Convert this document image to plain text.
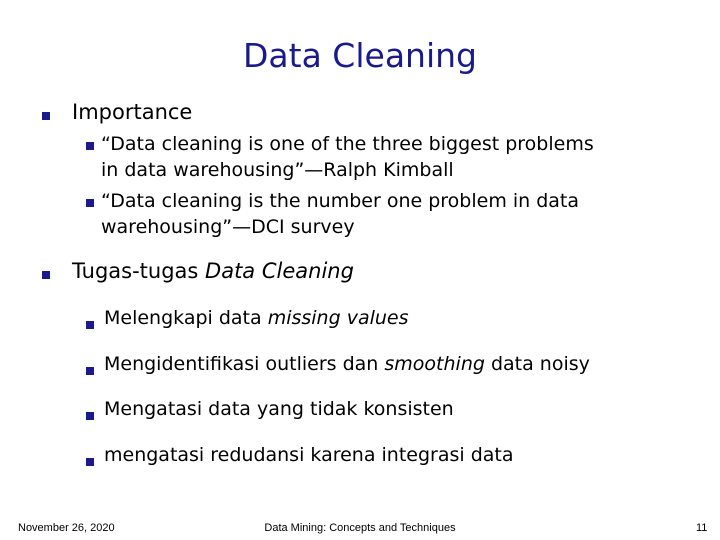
Data Cleaning
Importance
“Data cleaning is one of the three biggest problems
in data warehousing”—Ralph Kimball
“Data cleaning is the number one problem in data
warehousing”—DCI survey
Tugas-tugas Data Cleaning
Melengkapi data missing values
Mengidentifikasi outliers dan smoothing data noisy
Mengatasi data yang tidak konsisten
mengatasi redudansi karena integrasi data
November 26, 2020	Data Mining: Concepts and Techniques	11
